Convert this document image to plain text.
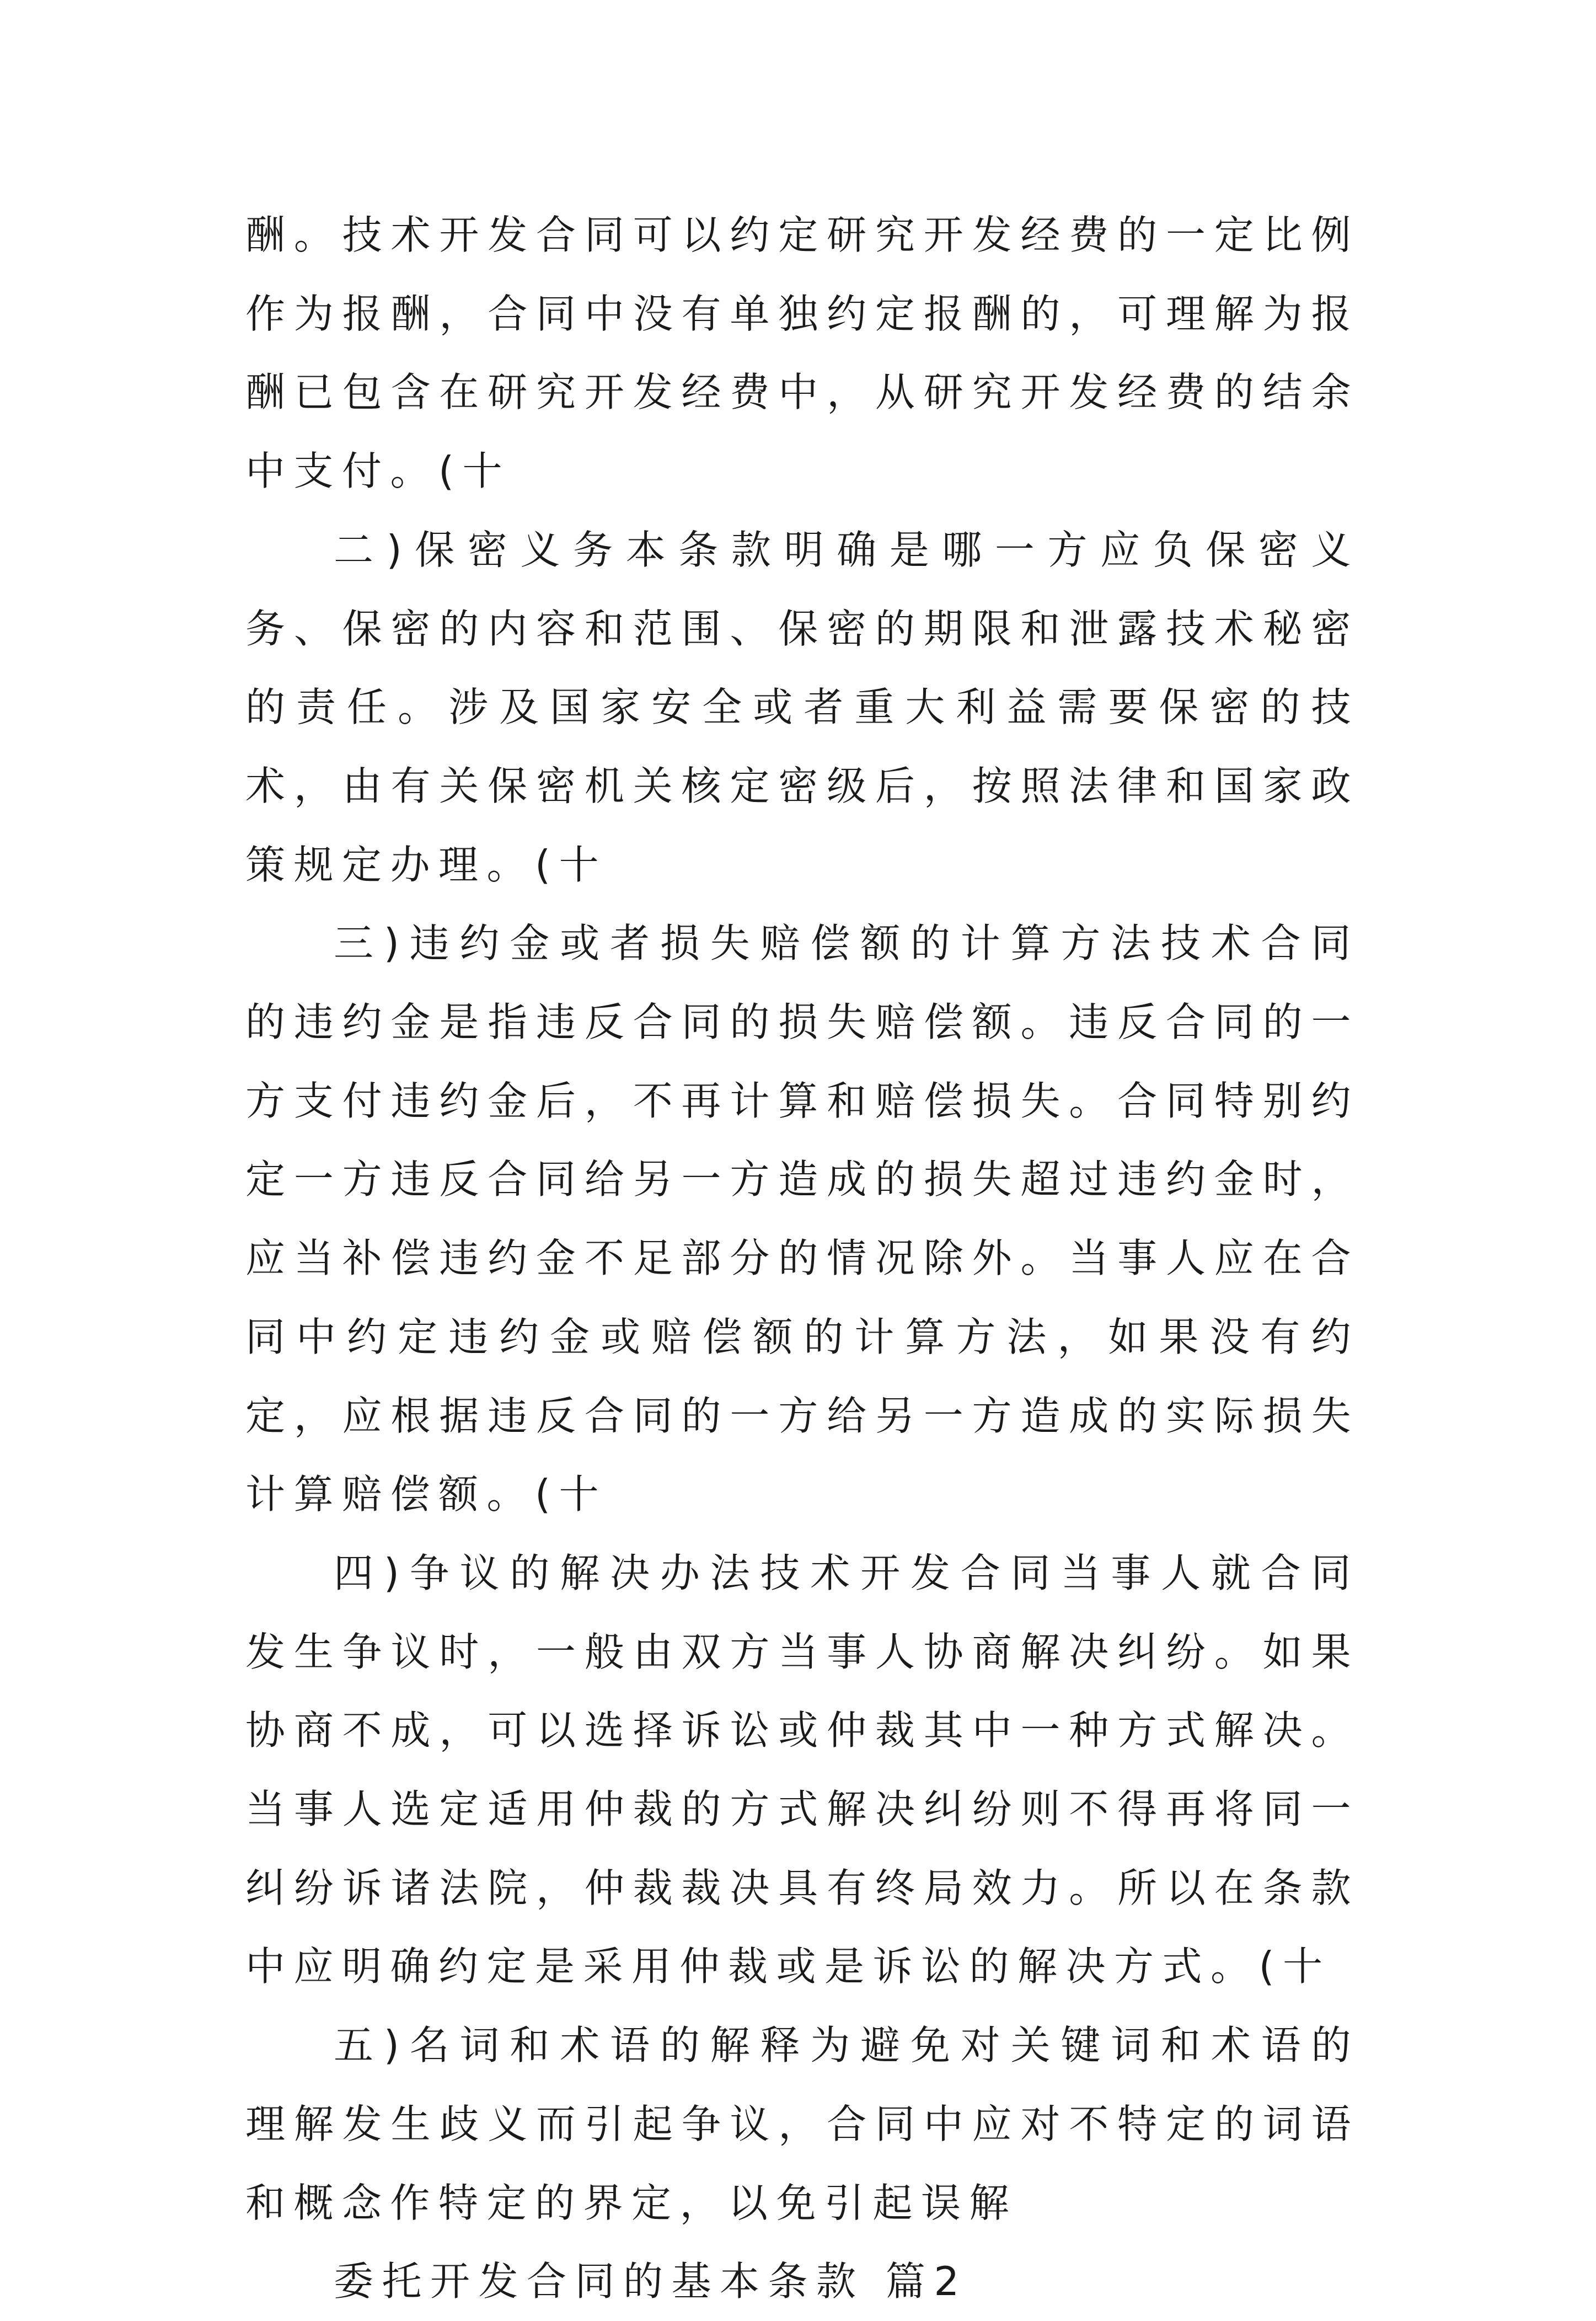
酬。技术开发合同可以约定研究开发经费的一定比例作为报酬，合同中没有单独约定报酬的，可理解为报酬已包含在研究开发经费中，从研究开发经费的结余中支付。(十

二)保密义务本条款明确是哪一方应负保密义务、保密的内容和范围、保密的期限和泄露技术秘密的责任。涉及国家安全或者重大利益需要保密的技术，由有关保密机关核定密级后，按照法律和国家政策规定办理。(十

三)违约金或者损失赔偿额的计算方法技术合同的违约金是指违反合同的损失赔偿额。违反合同的一方支付违约金后，不再计算和赔偿损失。合同特别约定一方违反合同给另一方造成的损失超过违约金时，应当补偿违约金不足部分的情况除外。当事人应在合同中约定违约金或赔偿额的计算方法，如果没有约定，应根据违反合同的一方给另一方造成的实际损失计算赔偿额。(十

四)争议的解决办法技术开发合同当事人就合同发生争议时，一般由双方当事人协商解决纠纷。如果协商不成，可以选择诉讼或仲裁其中一种方式解决。当事人选定适用仲裁的方式解决纠纷则不得再将同一纠纷诉诸法院，仲裁裁决具有终局效力。所以在条款中应明确约定是采用仲裁或是诉讼的解决方式。(十

五)名词和术语的解释为避免对关键词和术语的理解发生歧义而引起争议，合同中应对不特定的词语和概念作特定的界定，以免引起误解

委托开发合同的基本条款 篇2
